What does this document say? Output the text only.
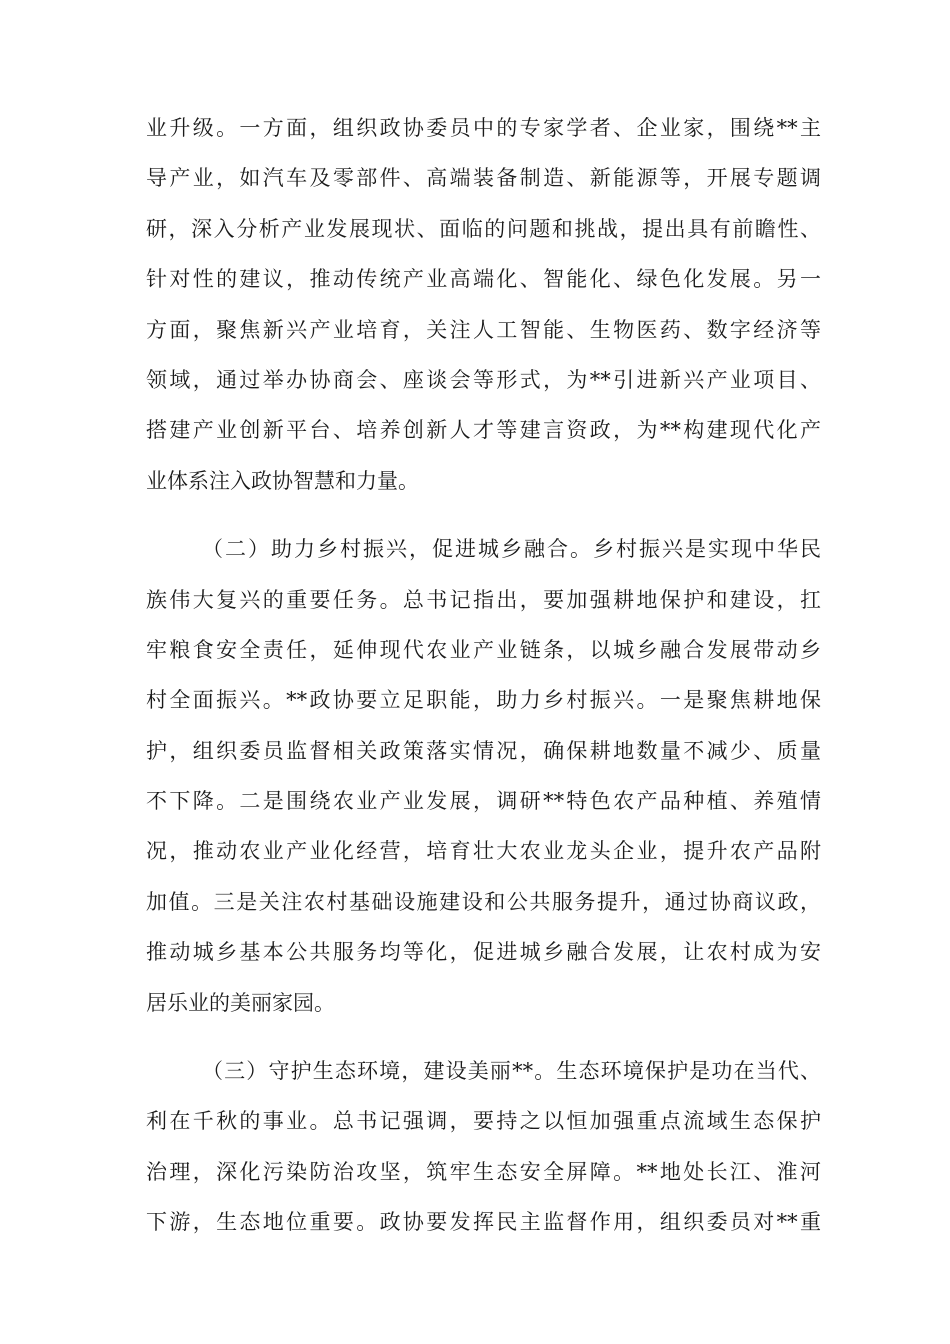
业升级。一方面，组织政协委员中的专家学者、企业家，围绕**主
导产业，如汽车及零部件、高端装备制造、新能源等，开展专题调
研，深入分析产业发展现状、面临的问题和挑战，提出具有前瞻性、
针对性的建议，推动传统产业高端化、智能化、绿色化发展。另一
方面，聚焦新兴产业培育，关注人工智能、生物医药、数字经济等
领域，通过举办协商会、座谈会等形式，为**引进新兴产业项目、
搭建产业创新平台、培养创新人才等建言资政，为**构建现代化产
业体系注入政协智慧和力量。
（二）助力乡村振兴，促进城乡融合。乡村振兴是实现中华民
族伟大复兴的重要任务。总书记指出，要加强耕地保护和建设，扛
牢粮食安全责任，延伸现代农业产业链条，以城乡融合发展带动乡
村全面振兴。**政协要立足职能，助力乡村振兴。一是聚焦耕地保
护，组织委员监督相关政策落实情况，确保耕地数量不减少、质量
不下降。二是围绕农业产业发展，调研**特色农产品种植、养殖情
况，推动农业产业化经营，培育壮大农业龙头企业，提升农产品附
加值。三是关注农村基础设施建设和公共服务提升，通过协商议政，
推动城乡基本公共服务均等化，促进城乡融合发展，让农村成为安
居乐业的美丽家园。
（三）守护生态环境，建设美丽**。生态环境保护是功在当代、
利在千秋的事业。总书记强调，要持之以恒加强重点流域生态保护
治理，深化污染防治攻坚，筑牢生态安全屏障。**地处长江、淮河
下游，生态地位重要。政协要发挥民主监督作用，组织委员对**重
